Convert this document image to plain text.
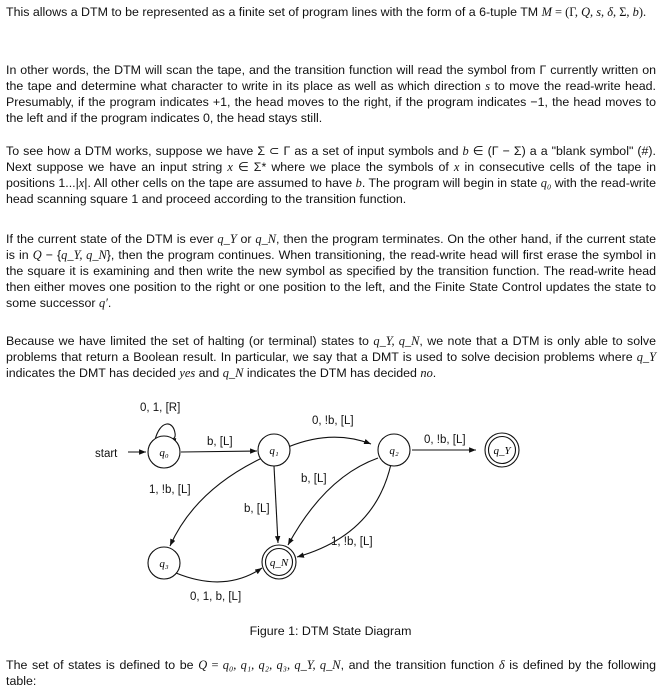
This allows a DTM to be represented as a finite set of program lines with the form of a 6-tuple TM M = (Γ, Q, s, δ, Σ, b).

In other words, the DTM will scan the tape, and the transition function will read the symbol from Γ currently written on the tape and determine what character to write in its place as well as which direction s to move the read-write head. Presumably, if the program indicates +1, the head moves to the right, if the program indicates −1, the head moves to the left and if the program indicates 0, the head stays still.

To see how a DTM works, suppose we have Σ ⊂ Γ as a set of input symbols and b ∈ (Γ − Σ) a a "blank symbol" (#). Next suppose we have an input string x ∈ Σ* where we place the symbols of x in consecutive cells of the tape in positions 1...|x|. All other cells on the tape are assumed to have b. The program will begin in state q₀ with the read-write head scanning square 1 and proceed according to the transition function.

If the current state of the DTM is ever q_Y or q_N, then the program terminates. On the other hand, if the current state is in Q − {q_Y, q_N}, then the program continues. When transitioning, the read-write head will first erase the symbol in the square it is examining and then write the new symbol as specified by the transition function. The read-write head then either moves one position to the right or one position to the left, and the Finite State Control updates the state to some successor q′.

Because we have limited the set of halting (or terminal) states to q_Y, q_N, we note that a DTM is only able to solve problems that return a Boolean result. In particular, we say that a DMT is used to solve decision problems where q_Y indicates the DMT has decided yes and q_N indicates the DTM has decided no.

start
0, 1, [R]
b, [L]
0, !b, [L]
0, !b, [L]
1, !b, [L]
b, [L]
b, [L]
1, !b, [L]
0, 1, b, [L]
q₀	q₁	q₂
q₃
q_Y
q_N
Figure 1: DTM State Diagram

The set of states is defined to be Q = q₀, q₁, q₂, q₃, q_Y, q_N, and the transition function δ is defined by the following table:
